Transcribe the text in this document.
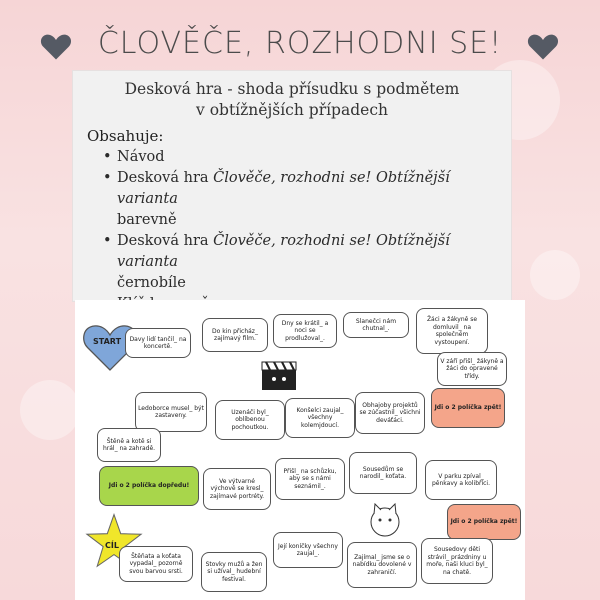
ČLOVĚČE, ROZHODNI SE!
Desková hra - shoda přísudku s podmětem
v obtížnějších případech
Obsahuje:
• Návod
• Desková hra Člověče, rozhodni se! Obtížnější varianta
barevně
• Desková hra Člověče, rozhodni se! Obtížnější varianta
černobíle
•
•
START	Davy lidí tančil_ na koncertě.
Do kin přicház_ zajímavý film.
Dny se krátil_ a noci se prodlužoval_.
Slanečci nám chutnal_.
Žáci a žákyně se domluvil_ na společném vystoupení.
V září přišl_ žákyně a žáci do opravené třídy.
Ledoborce musel_ být zastaveny.	Uzenáči byl_ oblíbenou pochoutkou.
Konšelci zaujal_ všechny kolemjdoucí.
Obhajoby projektů se zúčastnil_ všichni deváťáci.
Jdi o 2 políčka zpět!
Štěně a kotě si hrál_ na zahradě.
Jdi o 2 políčka dopředu!
Ve výtvarné výchově se kresl_ zajímavé portréty.
Přišl_ na schůzku, aby se s námi seznámil_.
Sousedům se narodil_ koťata.	V parku zpíval_ pěnkavy a kolibříci.
Jdi o 2 políčka zpět!
CÍL
Štěňata a koťata vypadal_ pozorně svou barvou srsti.
Stovky mužů a žen si užíval_ hudební festival.
Její koníčky všechny zaujal_.
Zajímal_ jsme se o nabídku dovolené v zahraničí.
Sousedovy děti strávil_ prázdniny u moře, naši kluci byl_ na chatě.
